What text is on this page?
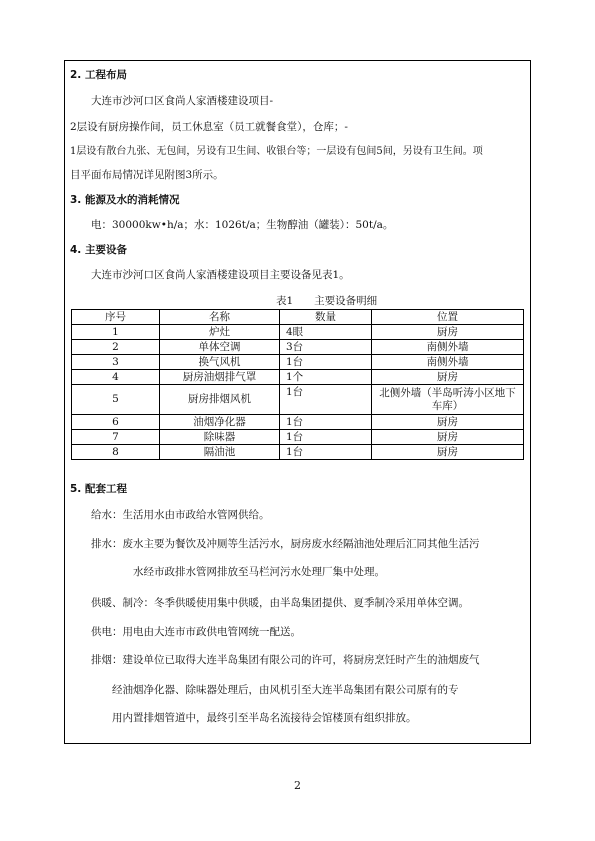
2. 工程布局
大连市沙河口区食尚人家酒楼建设项目-
2层设有厨房操作间，员工休息室（员工就餐食堂），仓库；-
1层设有散台九张、无包间，另设有卫生间、收银台等；一层设有包间5间，另设有卫生间。项
目平面布局情况详见附图3所示。
3. 能源及水的消耗情况
电：30000kw•h/a；水：1026t/a；生物醇油（罐装）：50t/a。
4. 主要设备
大连市沙河口区食尚人家酒楼建设项目主要设备见表1。
表1　　主要设备明细
序号	名称	数量	位置
1	炉灶	4眼	厨房
2	单体空调	3台	南侧外墙
3	换气风机	1台	南侧外墙
4	厨房油烟排气罩	1个	厨房
5	厨房排烟风机	1台	北侧外墙（半岛听涛小区地下车库）
6	油烟净化器	1台	厨房
7	除味器	1台	厨房
8	隔油池	1台	厨房
5. 配套工程
给水：生活用水由市政给水管网供给。
排水：废水主要为餐饮及冲厕等生活污水，厨房废水经隔油池处理后汇同其他生活污
水经市政排水管网排放至马栏河污水处理厂集中处理。
供暖、制冷：冬季供暖使用集中供暖，由半岛集团提供、夏季制冷采用单体空调。
供电：用电由大连市市政供电管网统一配送。
排烟：建设单位已取得大连半岛集团有限公司的许可，将厨房烹饪时产生的油烟废气
经油烟净化器、除味器处理后，由风机引至大连半岛集团有限公司原有的专
用内置排烟管道中，最终引至半岛名流接待会馆楼顶有组织排放。
2
